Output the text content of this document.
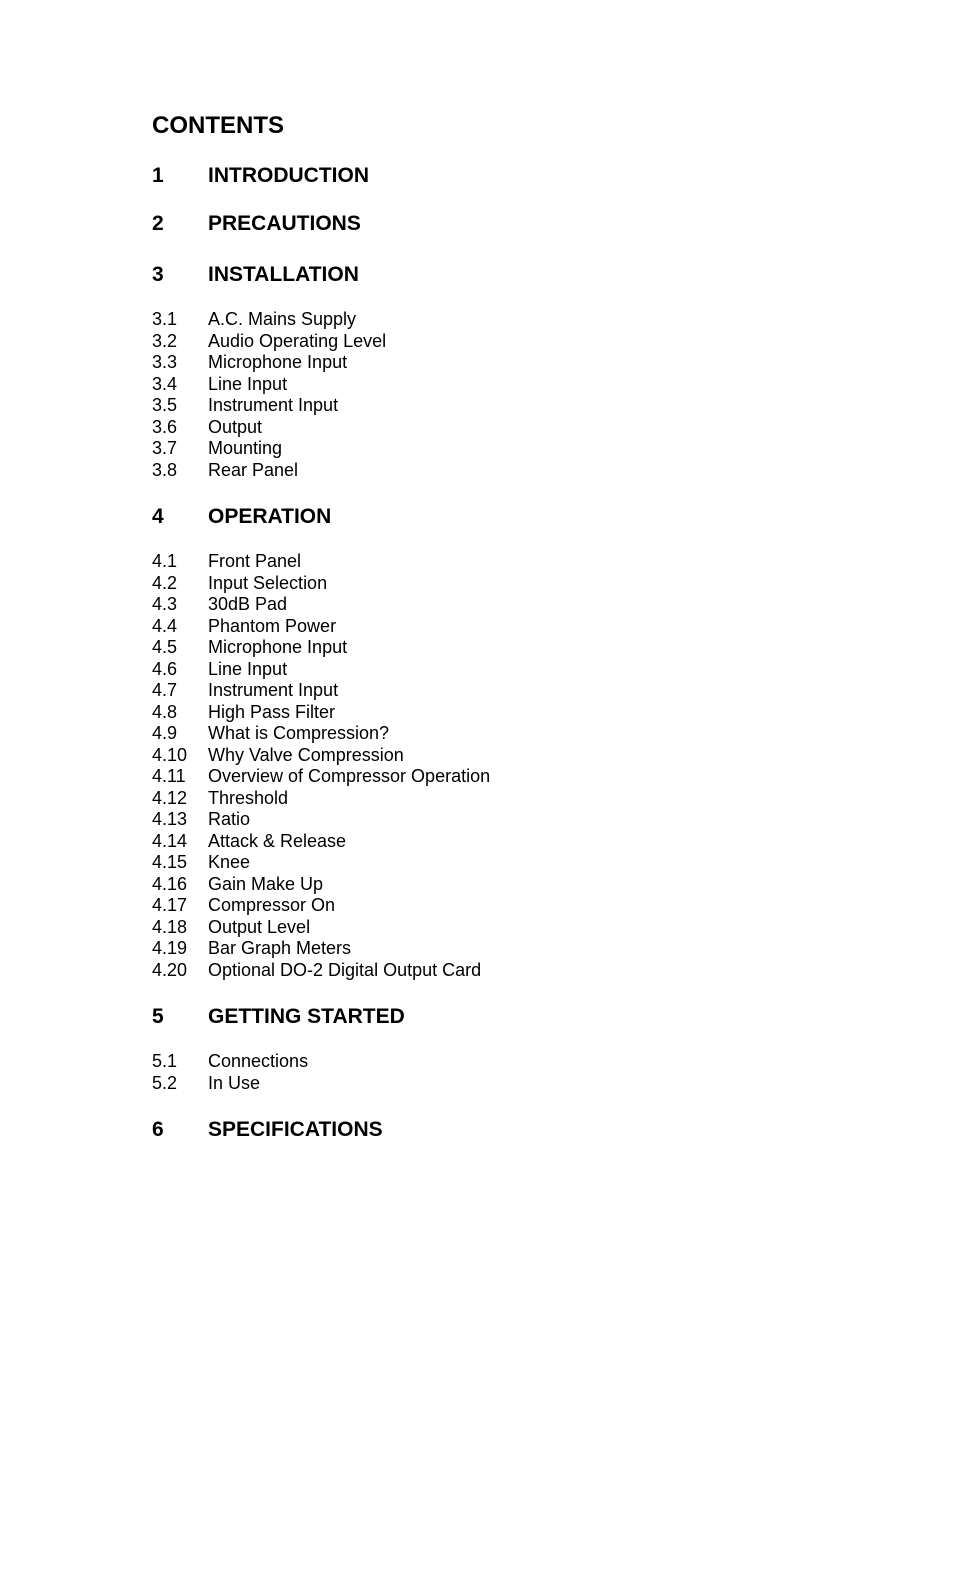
CONTENTS
1	INTRODUCTION
2	PRECAUTIONS
3	INSTALLATION
3.1	A.C. Mains Supply
3.2	Audio Operating Level
3.3	Microphone Input
3.4	Line Input
3.5	Instrument Input
3.6	Output
3.7	Mounting
3.8	Rear Panel
4	OPERATION
4.1	Front Panel
4.2	Input Selection
4.3	30dB Pad
4.4	Phantom Power
4.5	Microphone Input
4.6	Line Input
4.7	Instrument Input
4.8	High Pass Filter
4.9	What is Compression?
4.10	Why Valve Compression
4.11	Overview of Compressor Operation
4.12	Threshold
4.13	Ratio
4.14	Attack & Release
4.15	Knee
4.16	Gain Make Up
4.17	Compressor On
4.18	Output Level
4.19	Bar Graph Meters
4.20	Optional DO-2 Digital Output Card
5	GETTING STARTED
5.1	Connections
5.2	In Use
6	SPECIFICATIONS
